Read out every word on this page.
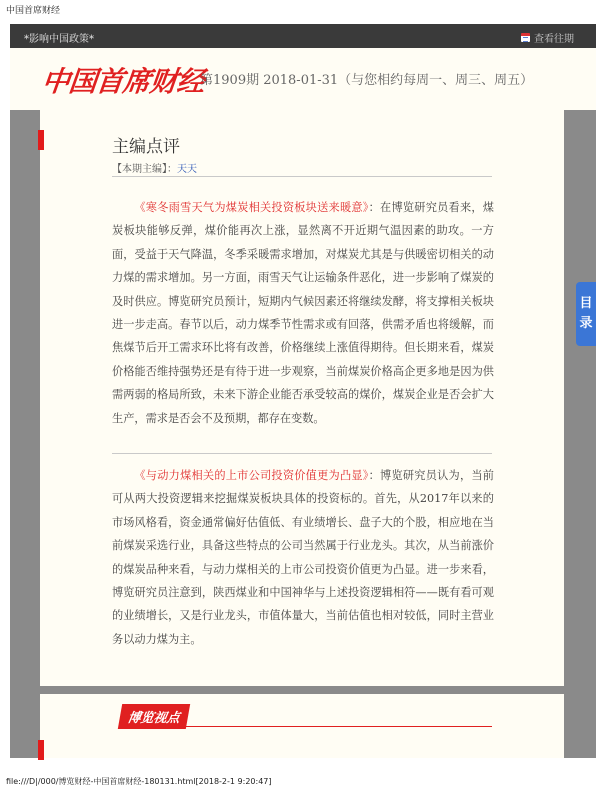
中国首席财经
*影响中国政策*	查看往期
中国首席财经
第1909期 2018-01-31（与您相约每周一、周三、周五）
主编点评
【本期主编】：天天

《寒冬雨雪天气为煤炭相关投资板块送来暖意》：在博览研究员看来，煤炭板块能够反弹，煤价能再次上涨，显然离不开近期气温因素的助攻。一方面，受益于天气降温，冬季采暖需求增加，对煤炭尤其是与供暖密切相关的动力煤的需求增加。另一方面，雨雪天气让运输条件恶化，进一步影响了煤炭的及时供应。博览研究员预计，短期内气候因素还将继续发酵，将支撑相关板块进一步走高。春节以后，动力煤季节性需求或有回落，供需矛盾也将缓解，而焦煤节后开工需求环比将有改善，价格继续上涨值得期待。但长期来看，煤炭价格能否维持强势还是有待于进一步观察，当前煤炭价格高企更多地是因为供需两弱的格局所致，未来下游企业能否承受较高的煤价，煤炭企业是否会扩大生产，需求是否会不及预期，都存在变数。

《与动力煤相关的上市公司投资价值更为凸显》：博览研究员认为，当前可从两大投资逻辑来挖掘煤炭板块具体的投资标的。首先，从2017年以来的市场风格看，资金通常偏好估值低、有业绩增长、盘子大的个股，相应地在当前煤炭采选行业，具备这些特点的公司当然属于行业龙头。其次，从当前涨价的煤炭品种来看，与动力煤相关的上市公司投资价值更为凸显。进一步来看，博览研究员注意到，陕西煤业和中国神华与上述投资逻辑相符——既有看可观的业绩增长，又是行业龙头，市值体量大，当前估值也相对较低，同时主营业务以动力煤为主。

博览视点
目
录
file:///D|/000/博览财经-中国首席财经-180131.html[2018-2-1 9:20:47]
